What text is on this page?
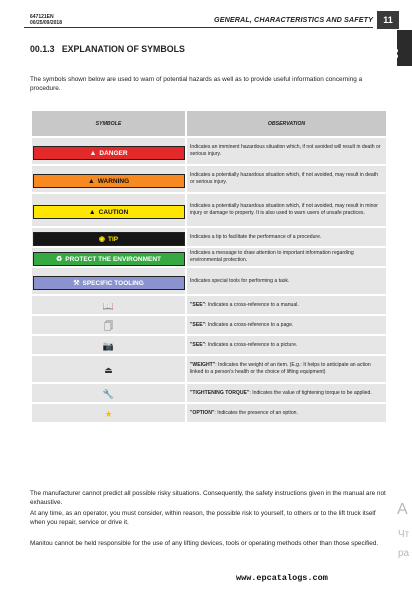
647121EN
00/25/09/2018	GENERAL, CHARACTERISTICS AND SAFETY	11
00
00.1.3 EXPLANATION OF SYMBOLS
The symbols shown below are used to warn of potential hazards as well as to provide useful information concerning a procedure.
SYMBOLE	OBSERVATION
▲ DANGER	Indicates an imminent hazardous situation which, if not avoided will result in death or serious injury.
▲ WARNING	Indicates a potentially hazardous situation which, if not avoided, may result in death or serious injury.
▲ CAUTION	Indicates a potentially hazardous situation which, if not avoided, may result in minor injury or damage to property. It is also used to warn users of unsafe practices.
◉ TIP	Indicates a tip to facilitate the performance of a procedure.
♻ PROTECT THE ENVIRONMENT	Indicates a message to draw attention to important information regarding environmental protection.
⚒ SPECIFIC TOOLING	Indicates special tools for performing a task.
📖	"SEE": Indicates a cross-reference to a manual.
🗍	"SEE": Indicates a cross-reference to a page.
📷	"SEE": Indicates a cross-reference to a picture.
⏏	"WEIGHT": Indicates the weight of an item. (E.g.: It helps to anticipate an action linked to a person's health or the choice of lifting equipment)
🔧	"TIGHTENING TORQUE": Indicates the value of tightening torque to be applied.
★	"OPTION": Indicates the presence of an option.
The manufacturer cannot predict all possible risky situations. Consequently, the safety instructions given in the manual are not exhaustive.
At any time, as an operator, you must consider, within reason, the possible risk to yourself, to others or to the lift truck itself when you repair, service or drive it.
Manitou cannot be held responsible for the use of any lifting devices, tools or operating methods other than those specified.
A
Чт
ра
www.epcatalogs.com
